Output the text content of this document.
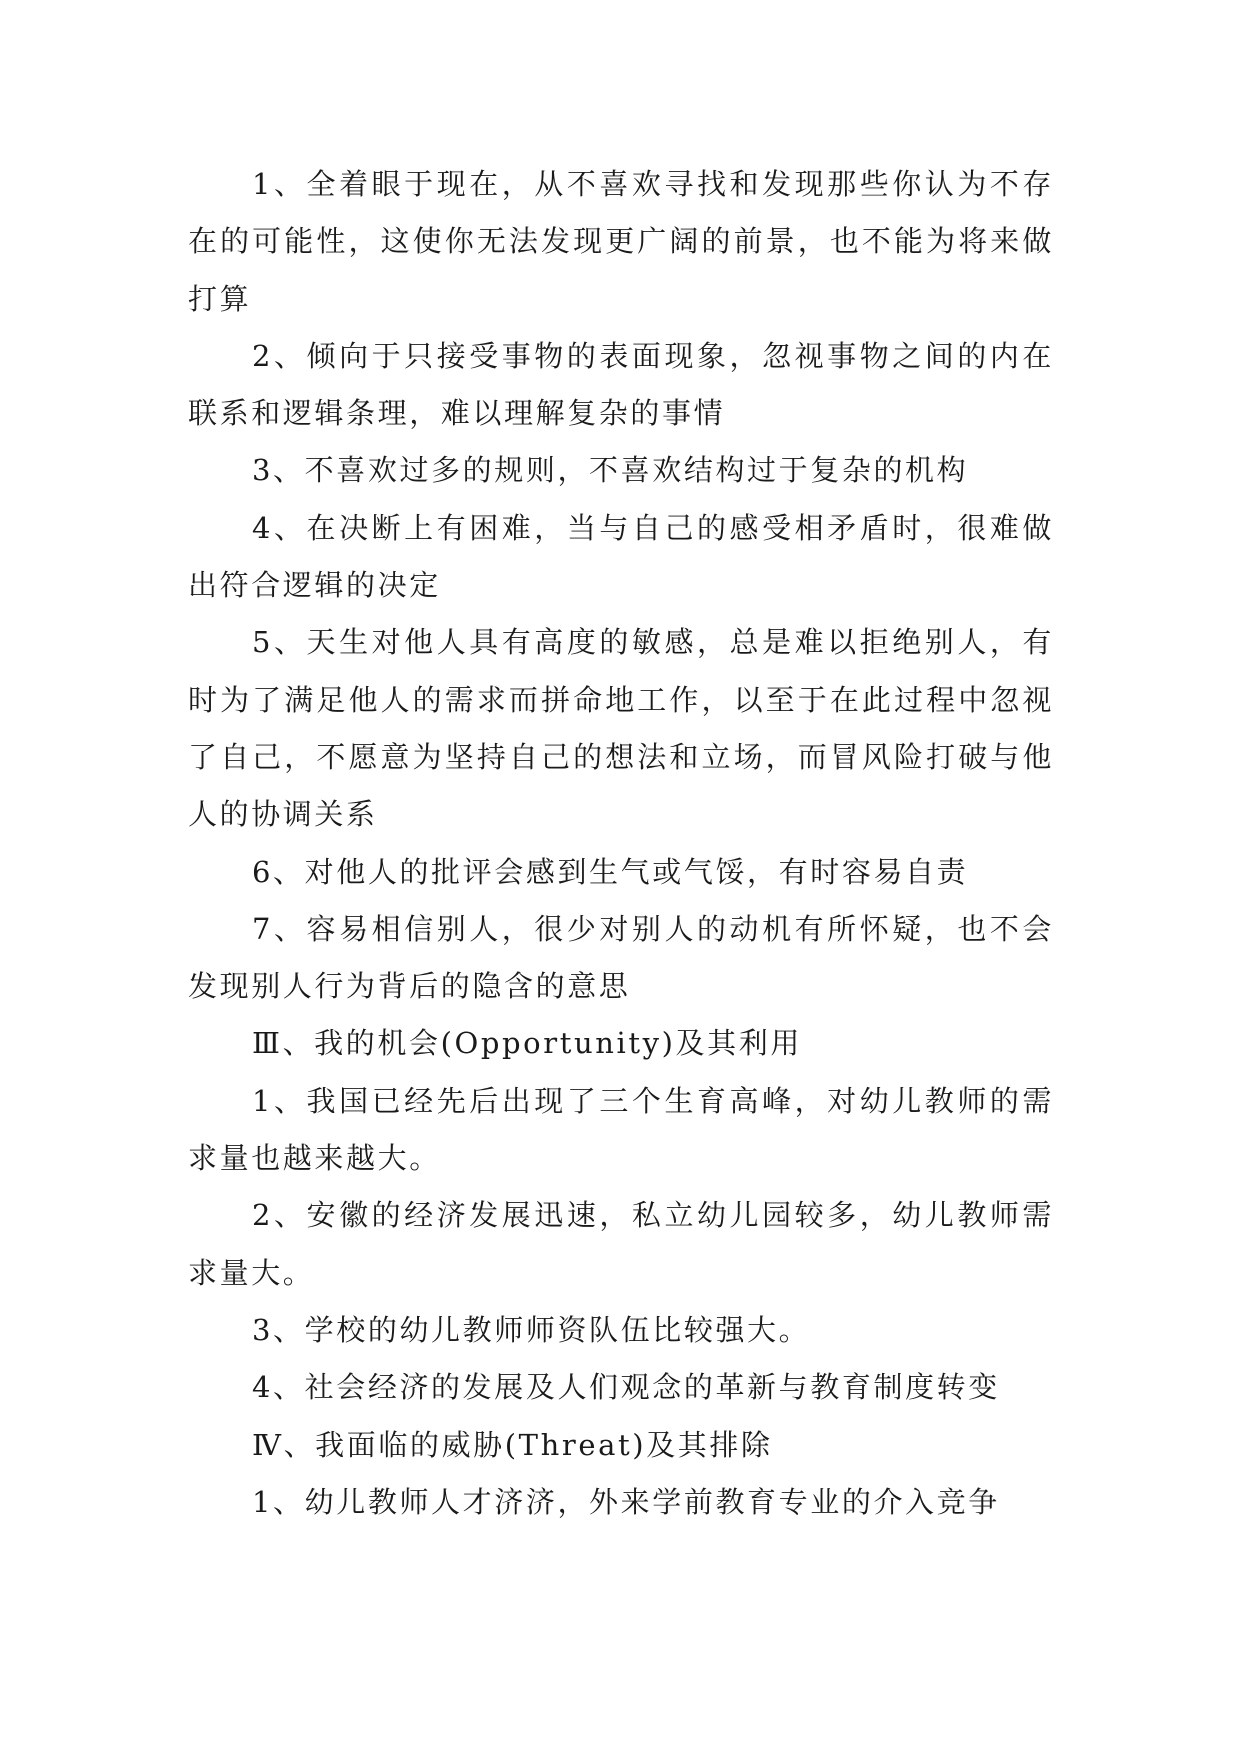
1、全着眼于现在，从不喜欢寻找和发现那些你认为不存在的可能性，这使你无法发现更广阔的前景，也不能为将来做打算

2、倾向于只接受事物的表面现象，忽视事物之间的内在联系和逻辑条理，难以理解复杂的事情

3、不喜欢过多的规则，不喜欢结构过于复杂的机构

4、在决断上有困难，当与自己的感受相矛盾时，很难做出符合逻辑的决定

5、天生对他人具有高度的敏感，总是难以拒绝别人，有时为了满足他人的需求而拼命地工作，以至于在此过程中忽视了自己，不愿意为坚持自己的想法和立场，而冒风险打破与他人的协调关系

6、对他人的批评会感到生气或气馁，有时容易自责

7、容易相信别人，很少对别人的动机有所怀疑，也不会发现别人行为背后的隐含的意思

Ⅲ、我的机会(Opportunity)及其利用

1、我国已经先后出现了三个生育高峰，对幼儿教师的需求量也越来越大。

2、安徽的经济发展迅速，私立幼儿园较多，幼儿教师需求量大。

3、学校的幼儿教师师资队伍比较强大。

4、社会经济的发展及人们观念的革新与教育制度转变

Ⅳ、我面临的威胁(Threat)及其排除

1、幼儿教师人才济济，外来学前教育专业的介入竞争
